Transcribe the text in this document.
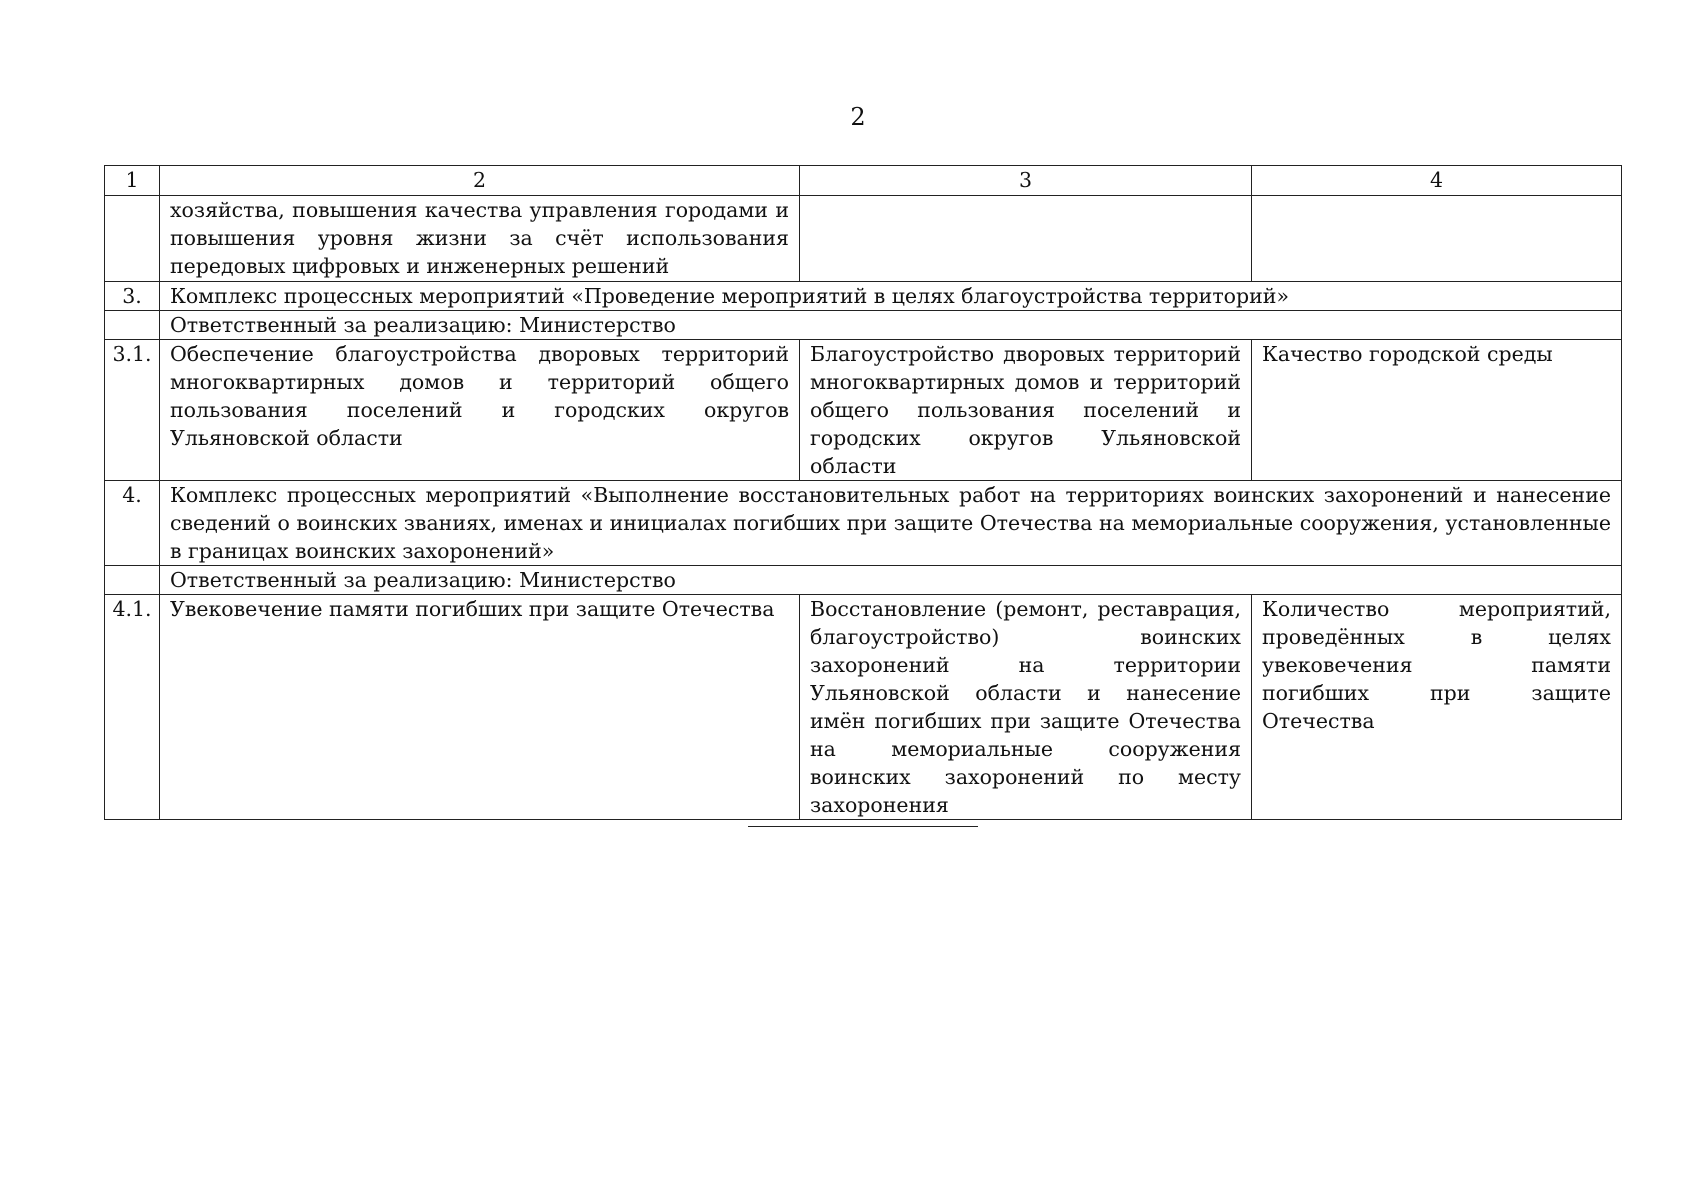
2
1	2	3	4
	хозяйства, повышения качества управления городами и повышения уровня жизни за счёт использования передовых цифровых и инженерных решений		
3.	Комплекс процессных мероприятий «Проведение мероприятий в целях благоустройства территорий»		
	Ответственный за реализацию: Министерство		
3.1.	Обеспечение благоустройства дворовых территорий многоквартирных домов и территорий общего пользования поселений и городских округов Ульяновской области	Благоустройство дворовых территорий многоквартирных домов и территорий общего пользования поселений и городских округов Ульяновской области	Качество городской среды
4.	Комплекс процессных мероприятий «Выполнение восстановительных работ на территориях воинских захоронений и нанесение сведений о воинских званиях, именах и инициалах погибших при защите Отечества на мемориальные сооружения, установленные в границах воинских захоронений»		
	Ответственный за реализацию: Министерство		
4.1.	Увековечение памяти погибших при защите Отечества	Восстановление (ремонт, реставрация, благоустройство) воинских захоронений на территории Ульяновской области и нанесение имён погибших при защите Отечества на мемориальные сооружения воинских захоронений по месту захоронения	Количество мероприятий, проведённых в целях увековечения памяти погибших при защите Отечества
